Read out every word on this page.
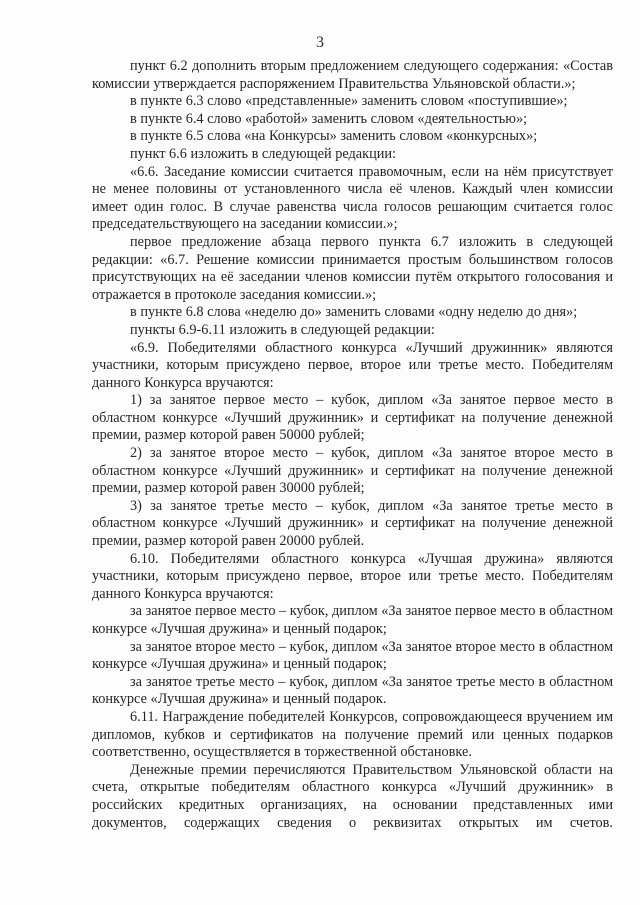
3

пункт 6.2 дополнить вторым предложением следующего содержания: «Состав комиссии утверждается распоряжением Правительства Ульяновской области.»;

в пункте 6.3 слово «представленные» заменить словом «поступившие»;

в пункте 6.4 слово «работой» заменить словом «деятельностью»;

в пункте 6.5 слова «на Конкурсы» заменить словом «конкурсных»;

пункт 6.6 изложить в следующей редакции:

«6.6. Заседание комиссии считается правомочным, если на нём присутствует не менее половины от установленного числа её членов. Каждый член комиссии имеет один голос. В случае равенства числа голосов решающим считается голос председательствующего на заседании комиссии.»;

первое предложение абзаца первого пункта 6.7 изложить в следующей редакции: «6.7. Решение комиссии принимается простым большинством голосов присутствующих на её заседании членов комиссии путём открытого голосования и отражается в протоколе заседания комиссии.»;

в пункте 6.8 слова «неделю до» заменить словами «одну неделю до дня»;

пункты 6.9-6.11 изложить в следующей редакции:

«6.9. Победителями областного конкурса «Лучший дружинник» являются участники, которым присуждено первое, второе или третье место. Победителям данного Конкурса вручаются:

1) за занятое первое место – кубок, диплом «За занятое первое место в областном конкурсе «Лучший дружинник» и сертификат на получение денежной премии, размер которой равен 50000 рублей;

2) за занятое второе место – кубок, диплом «За занятое второе место в областном конкурсе «Лучший дружинник» и сертификат на получение денежной премии, размер которой равен 30000 рублей;

3) за занятое третье место – кубок, диплом «За занятое третье место в областном конкурсе «Лучший дружинник» и сертификат на получение денежной премии, размер которой равен 20000 рублей.

6.10. Победителями областного конкурса «Лучшая дружина» являются участники, которым присуждено первое, второе или третье место. Победителям данного Конкурса вручаются:

за занятое первое место – кубок, диплом «За занятое первое место в областном конкурсе «Лучшая дружина» и ценный подарок;

за занятое второе место – кубок, диплом «За занятое второе место в областном конкурсе «Лучшая дружина» и ценный подарок;

за занятое третье место – кубок, диплом «За занятое третье место в областном конкурсе «Лучшая дружина» и ценный подарок.

6.11. Награждение победителей Конкурсов, сопровождающееся вручением им дипломов, кубков и сертификатов на получение премий или ценных подарков соответственно, осуществляется в торжественной обстановке.

Денежные премии перечисляются Правительством Ульяновской области на счета, открытые победителям областного конкурса «Лучший дружинник» в российских кредитных организациях, на основании представленных ими документов, содержащих сведения о реквизитах открытых им счетов.
